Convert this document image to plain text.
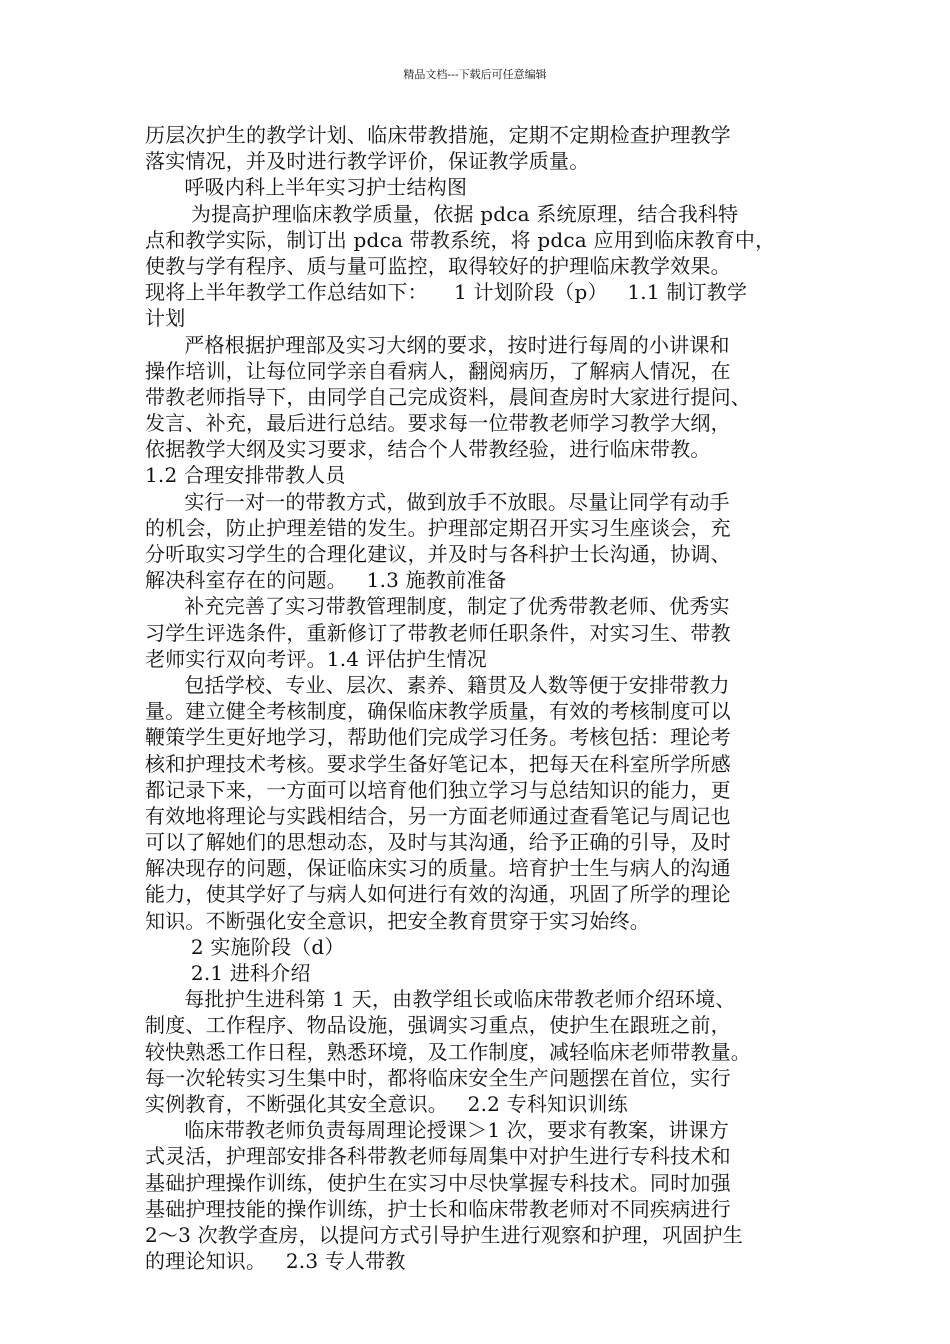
精品文档---下载后可任意编辑
历层次护生的教学计划、临床带教措施，定期不定期检查护理教学
落实情况，并及时进行教学评价，保证教学质量。
呼吸内科上半年实习护士结构图
为提高护理临床教学质量，依据 pdca 系统原理，结合我科特
点和教学实际，制订出 pdca 带教系统，将 pdca 应用到临床教育中，
使教与学有程序、质与量可监控，取得较好的护理临床教学效果。
现将上半年教学工作总结如下：    1 计划阶段（p）   1.1 制订教学
计划
严格根据护理部及实习大纲的要求，按时进行每周的小讲课和
操作培训，让每位同学亲自看病人，翻阅病历，了解病人情况，在
带教老师指导下，由同学自己完成资料，晨间查房时大家进行提问、
发言、补充，最后进行总结。要求每一位带教老师学习教学大纲，
依据教学大纲及实习要求，结合个人带教经验，进行临床带教。
1.2 合理安排带教人员
实行一对一的带教方式，做到放手不放眼。尽量让同学有动手
的机会，防止护理差错的发生。护理部定期召开实习生座谈会，充
分听取实习学生的合理化建议，并及时与各科护士长沟通，协调、
解决科室存在的问题。   1.3 施教前准备
补充完善了实习带教管理制度，制定了优秀带教老师、优秀实
习学生评选条件，重新修订了带教老师任职条件，对实习生、带教
老师实行双向考评。1.4 评估护生情况
包括学校、专业、层次、素养、籍贯及人数等便于安排带教力
量。建立健全考核制度，确保临床教学质量，有效的考核制度可以
鞭策学生更好地学习，帮助他们完成学习任务。考核包括：理论考
核和护理技术考核。要求学生备好笔记本，把每天在科室所学所感
都记录下来，一方面可以培育他们独立学习与总结知识的能力，更
有效地将理论与实践相结合，另一方面老师通过查看笔记与周记也
可以了解她们的思想动态，及时与其沟通，给予正确的引导，及时
解决现存的问题，保证临床实习的质量。培育护士生与病人的沟通
能力，使其学好了与病人如何进行有效的沟通，巩固了所学的理论
知识。不断强化安全意识，把安全教育贯穿于实习始终。
2 实施阶段（d）
2.1 进科介绍
每批护生进科第 1 天，由教学组长或临床带教老师介绍环境、
制度、工作程序、物品设施，强调实习重点，使护生在跟班之前，
较快熟悉工作日程，熟悉环境，及工作制度，减轻临床老师带教量。
每一次轮转实习生集中时，都将临床安全生产问题摆在首位，实行
实例教育，不断强化其安全意识。   2.2 专科知识训练
临床带教老师负责每周理论授课＞1 次，要求有教案，讲课方
式灵活，护理部安排各科带教老师每周集中对护生进行专科技术和
基础护理操作训练，使护生在实习中尽快掌握专科技术。同时加强
基础护理技能的操作训练，护士长和临床带教老师对不同疾病进行
2～3 次教学查房，以提问方式引导护生进行观察和护理，巩固护生
的理论知识。   2.3 专人带教
